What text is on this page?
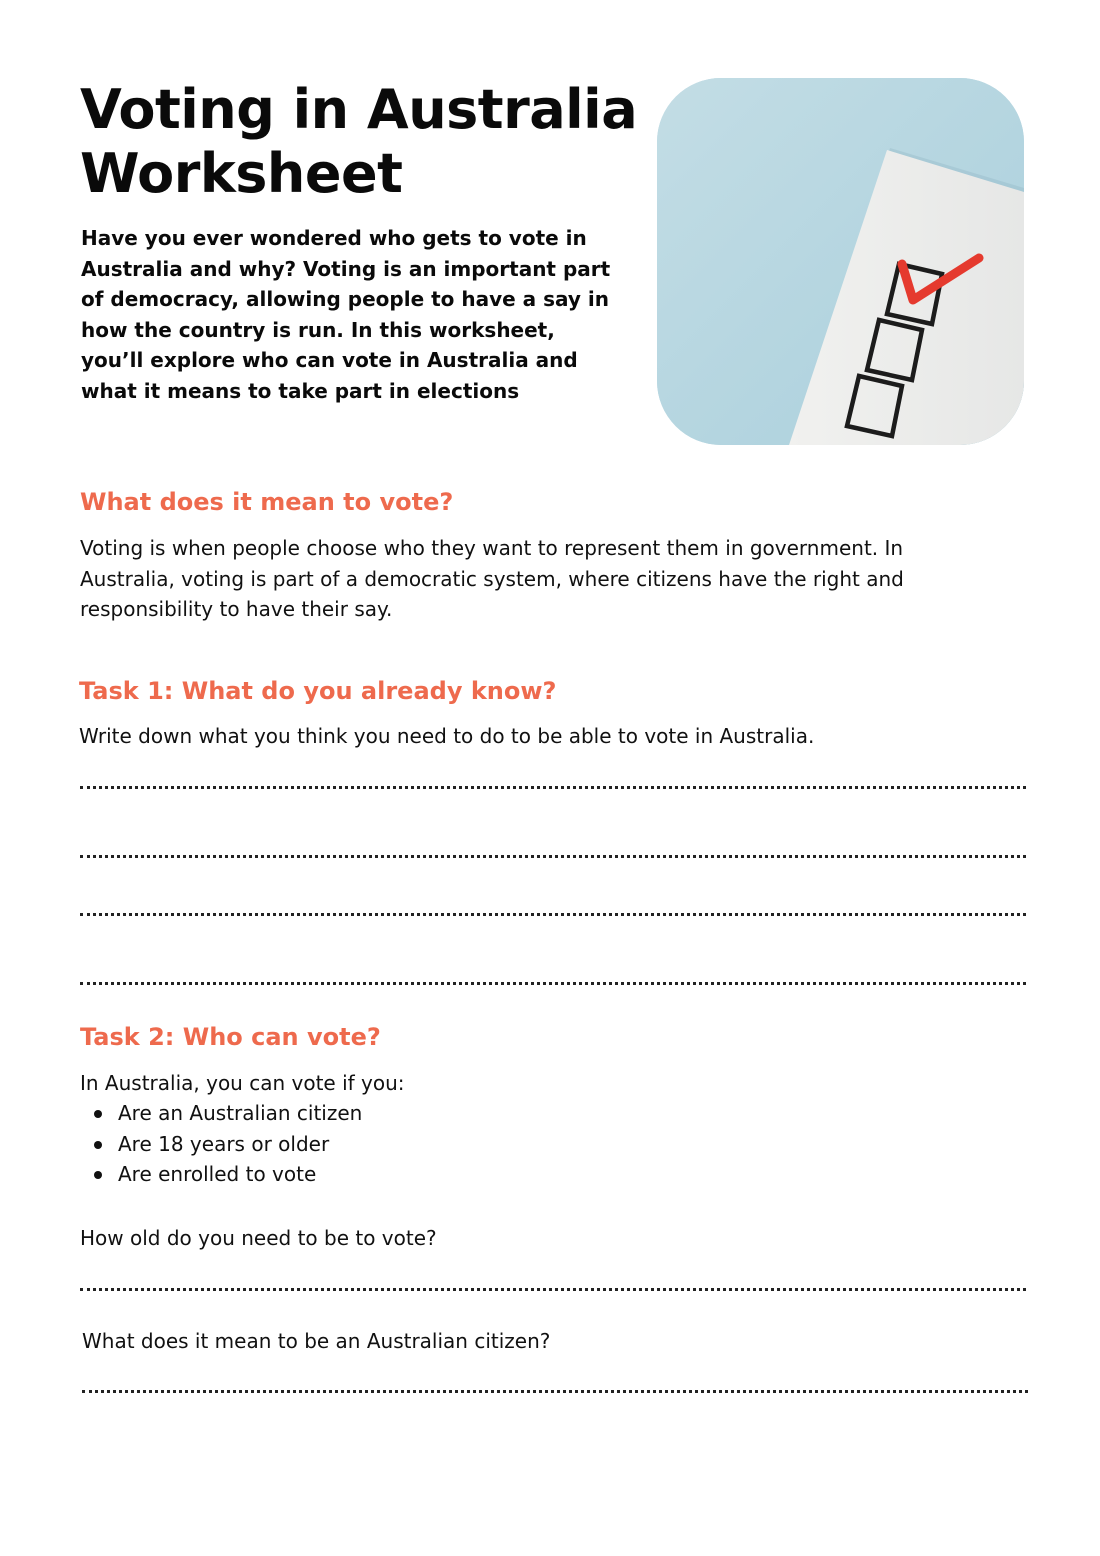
Voting in Australia
Worksheet

Have you ever wondered who gets to vote in Australia and why? Voting is an important part of democracy, allowing people to have a say in how the country is run. In this worksheet, you’ll explore who can vote in Australia and what it means to take part in elections

What does it mean to vote?

Voting is when people choose who they want to represent them in government. In Australia, voting is part of a democratic system, where citizens have the right and responsibility to have their say.

Task 1: What do you already know?

Write down what you think you need to do to be able to vote in Australia.

Task 2: Who can vote?

In Australia, you can vote if you:

Are an Australian citizen
Are 18 years or older
Are enrolled to vote

How old do you need to be to vote?

What does it mean to be an Australian citizen?
